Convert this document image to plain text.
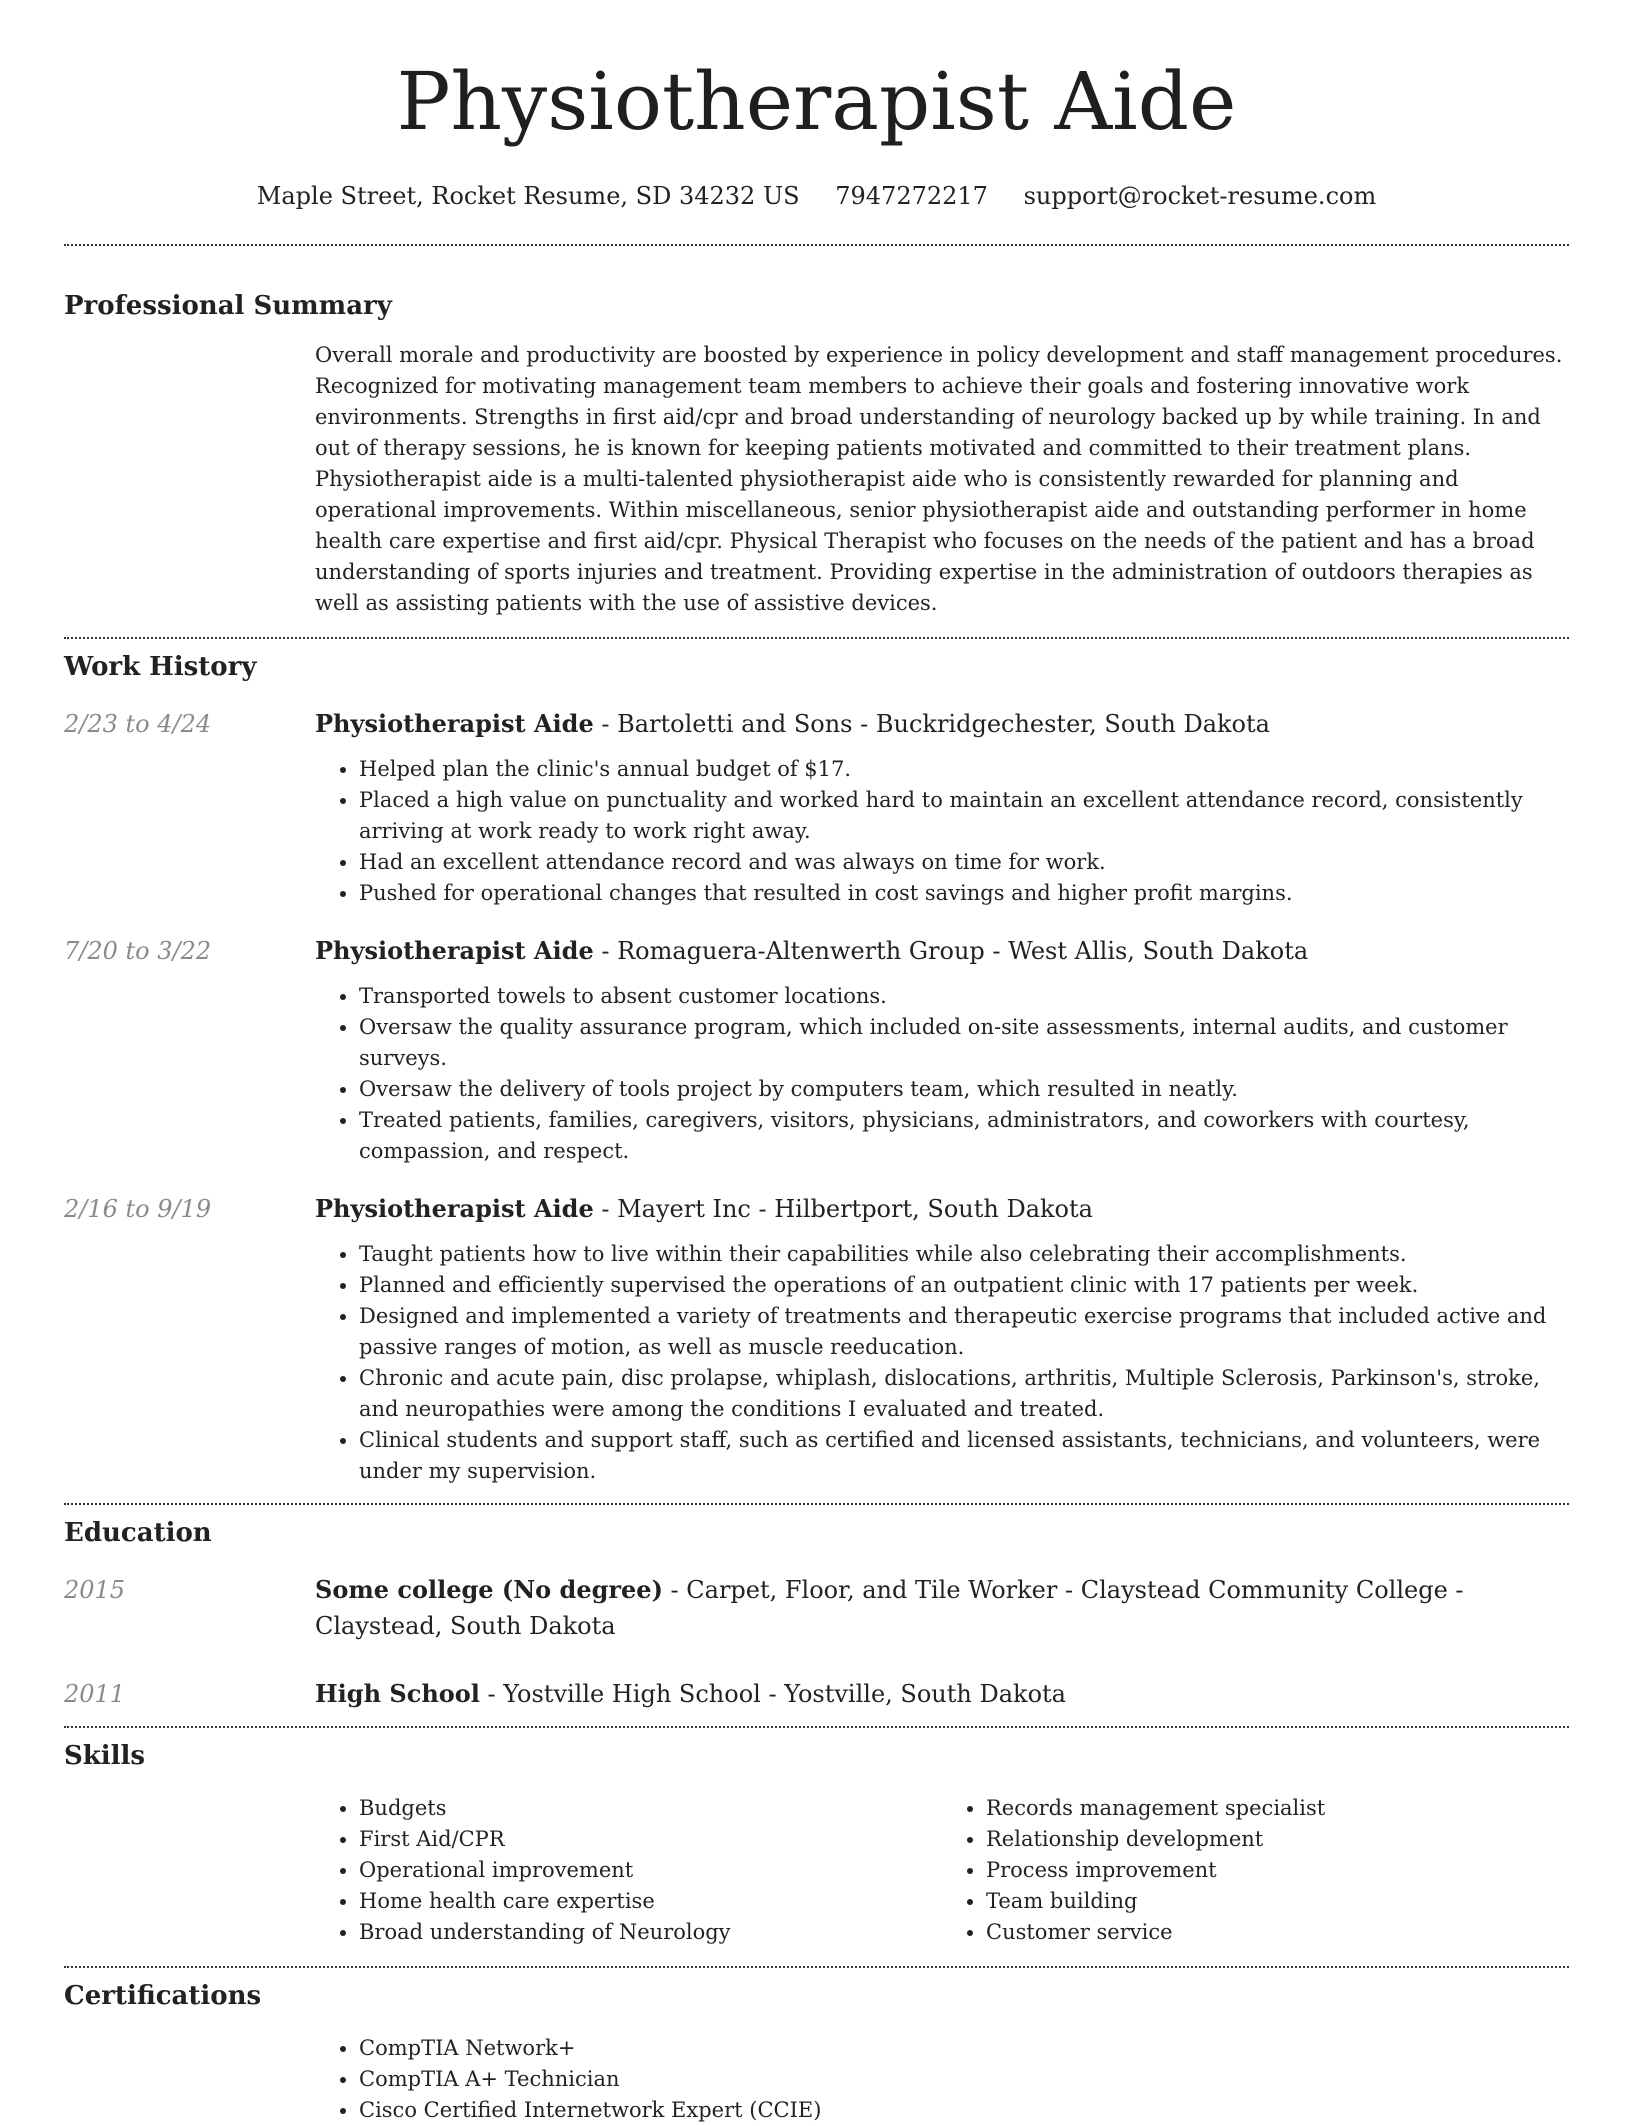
Physiotherapist Aide
Maple Street, Rocket Resume, SD 34232 US 7947272217 support@rocket-resume.com
Professional Summary
Overall morale and productivity are boosted by experience in policy development and staff management procedures. Recognized for motivating management team members to achieve their goals and fostering innovative work environments. Strengths in first aid/cpr and broad understanding of neurology backed up by while training. In and out of therapy sessions, he is known for keeping patients motivated and committed to their treatment plans. Physiotherapist aide is a multi-talented physiotherapist aide who is consistently rewarded for planning and operational improvements. Within miscellaneous, senior physiotherapist aide and outstanding performer in home health care expertise and first aid/cpr. Physical Therapist who focuses on the needs of the patient and has a broad understanding of sports injuries and treatment. Providing expertise in the administration of outdoors therapies as well as assisting patients with the use of assistive devices.
Work History
2/23 to 4/24	Physiotherapist Aide - Bartoletti and Sons - Buckridgechester, South Dakota
• Helped plan the clinic's annual budget of $17.
• Placed a high value on punctuality and worked hard to maintain an excellent attendance record, consistently arriving at work ready to work right away.
• Had an excellent attendance record and was always on time for work.
• Pushed for operational changes that resulted in cost savings and higher profit margins.
7/20 to 3/22	Physiotherapist Aide - Romaguera-Altenwerth Group - West Allis, South Dakota
• Transported towels to absent customer locations.
• Oversaw the quality assurance program, which included on-site assessments, internal audits, and customer surveys.
• Oversaw the delivery of tools project by computers team, which resulted in neatly.
• Treated patients, families, caregivers, visitors, physicians, administrators, and coworkers with courtesy, compassion, and respect.
2/16 to 9/19	Physiotherapist Aide - Mayert Inc - Hilbertport, South Dakota
• Taught patients how to live within their capabilities while also celebrating their accomplishments.
• Planned and efficiently supervised the operations of an outpatient clinic with 17 patients per week.
• Designed and implemented a variety of treatments and therapeutic exercise programs that included active and passive ranges of motion, as well as muscle reeducation.
• Chronic and acute pain, disc prolapse, whiplash, dislocations, arthritis, Multiple Sclerosis, Parkinson's, stroke, and neuropathies were among the conditions I evaluated and treated.
• Clinical students and support staff, such as certified and licensed assistants, technicians, and volunteers, were under my supervision.
Education
2015	Some college (No degree) - Carpet, Floor, and Tile Worker - Claystead Community College - Claystead, South Dakota
2011	High School - Yostville High School - Yostville, South Dakota
Skills
• Budgets
• First Aid/CPR
• Operational improvement
• Home health care expertise
• Broad understanding of Neurology
• Records management specialist
• Relationship development
• Process improvement
• Team building
• Customer service
Certifications
• CompTIA Network+
• CompTIA A+ Technician
• Cisco Certified Internetwork Expert (CCIE)
